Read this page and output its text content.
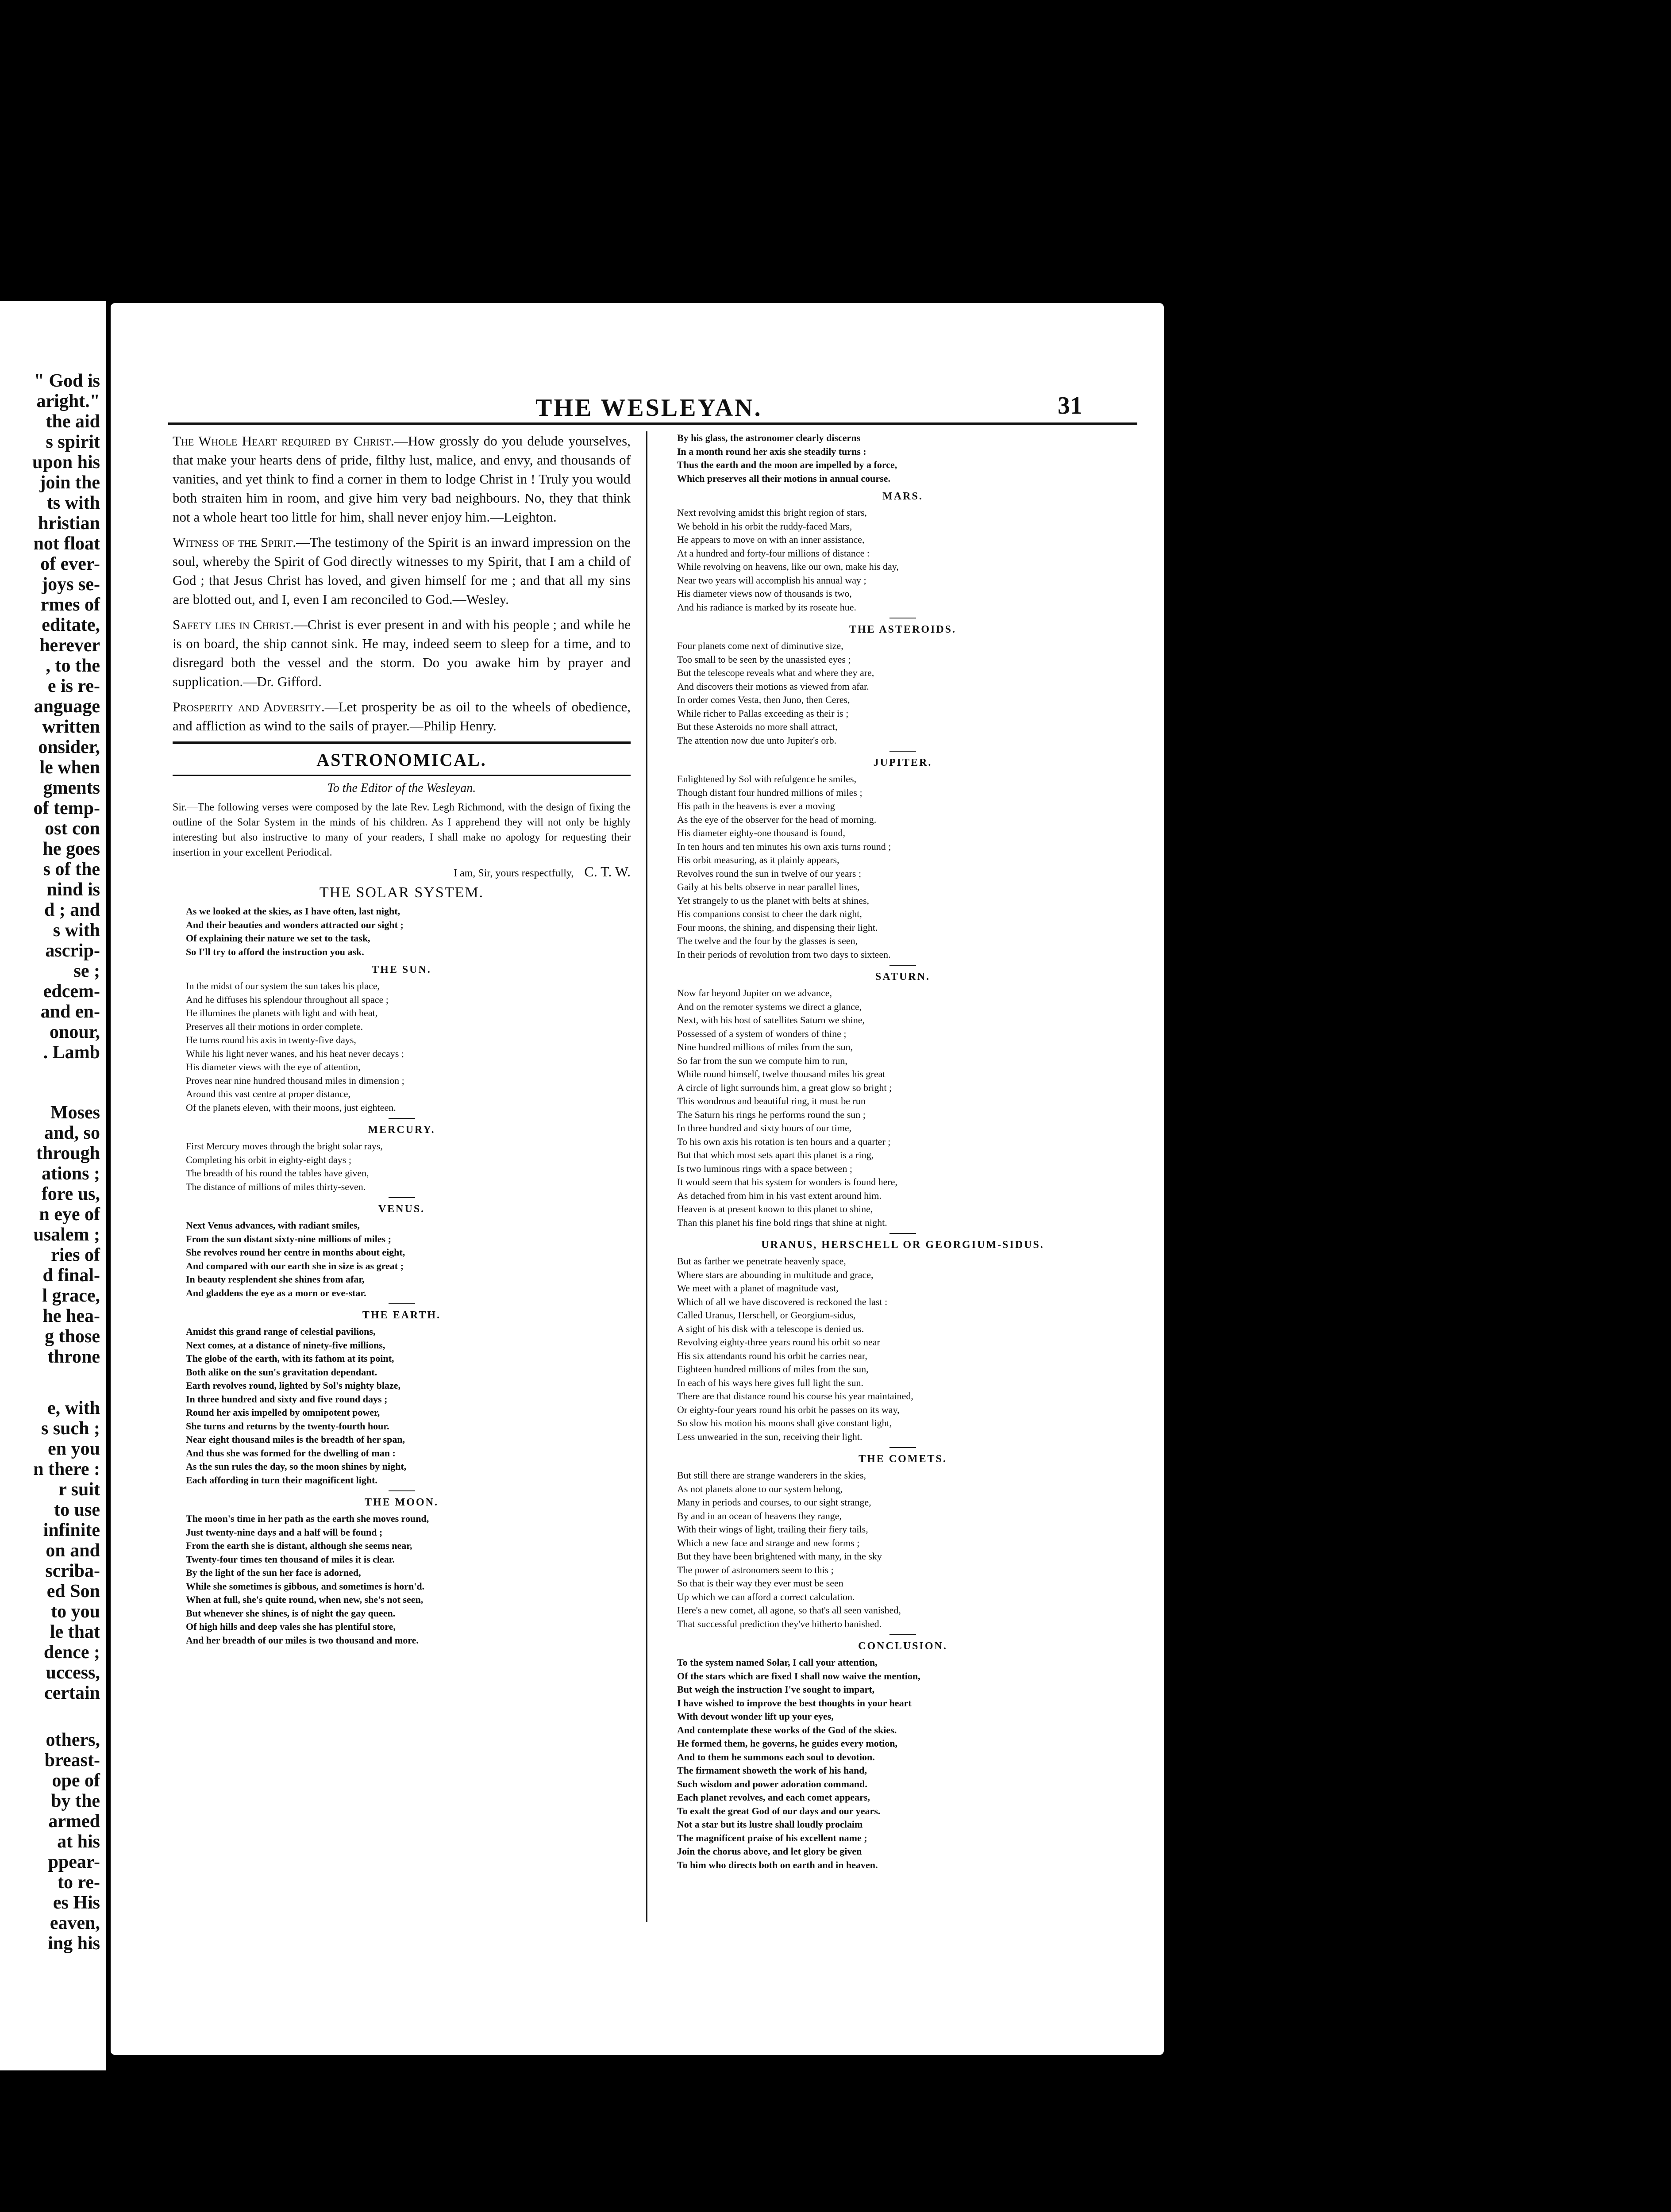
" God is
aright."
the aid
s spirit
upon his
join the
ts with
hristian
not float
of ever-
joys se-
rmes of
editate,
herever
, to the
e is re-
anguage
written
onsider,
le when
gments
of temp-
ost con
he goes
s of the
nind is
d ; and
s with
ascrip-
se ;
edcem-
and en-
onour,
. Lamb
Moses
and, so
through
ations ;
fore us,
n eye of
usalem ;
ries of
d final-
l grace,
he hea-
g those
throne
e, with
s such ;
en you
n there :
r suit
to use
infinite
on and
scriba-
ed Son
to you
le that
dence ;
uccess,
certain
others,
breast-
ope of
by the
armed
at his
ppear-
to re-
es His
eaven,
ing his
THE WESLEYAN.	31

The Whole Heart required by Christ.—How grossly do you delude yourselves, that make your hearts dens of pride, filthy lust, malice, and envy, and thousands of vanities, and yet think to find a corner in them to lodge Christ in ! Truly you would both straiten him in room, and give him very bad neighbours. No, they that think not a whole heart too little for him, shall never enjoy him.—Leighton.

Witness of the Spirit.—The testimony of the Spirit is an inward impression on the soul, whereby the Spirit of God directly witnesses to my Spirit, that I am a child of God ; that Jesus Christ has loved, and given himself for me ; and that all my sins are blotted out, and I, even I am reconciled to God.—Wesley.

Safety lies in Christ.—Christ is ever present in and with his people ; and while he is on board, the ship cannot sink. He may, indeed seem to sleep for a time, and to disregard both the vessel and the storm. Do you awake him by prayer and supplication.—Dr. Gifford.

Prosperity and Adversity.—Let prosperity be as oil to the wheels of obedience, and affliction as wind to the sails of prayer.—Philip Henry.

ASTRONOMICAL.
To the Editor of the Wesleyan.
Sir.—The following verses were composed by the late Rev. Legh Richmond, with the design of fixing the outline of the Solar System in the minds of his children. As I apprehend they will not only be highly interesting but also instructive to many of your readers, I shall make no apology for requesting their insertion in your excellent Periodical.
I am, Sir, yours respectfully, C. T. W.
THE SOLAR SYSTEM.
As we looked at the skies, as I have often, last night,
And their beauties and wonders attracted our sight ;
Of explaining their nature we set to the task,
So I'll try to afford the instruction you ask.
THE SUN.
In the midst of our system the sun takes his place,
And he diffuses his splendour throughout all space ;
He illumines the planets with light and with heat,
Preserves all their motions in order complete.
He turns round his axis in twenty-five days,
While his light never wanes, and his heat never decays ;
His diameter views with the eye of attention,
Proves near nine hundred thousand miles in dimension ;
Around this vast centre at proper distance,
Of the planets eleven, with their moons, just eighteen.
MERCURY.
First Mercury moves through the bright solar rays,
Completing his orbit in eighty-eight days ;
The breadth of his round the tables have given,
The distance of millions of miles thirty-seven.
VENUS.
Next Venus advances, with radiant smiles,
From the sun distant sixty-nine millions of miles ;
She revolves round her centre in months about eight,
And compared with our earth she in size is as great ;
In beauty resplendent she shines from afar,
And gladdens the eye as a morn or eve-star.
THE EARTH.
Amidst this grand range of celestial pavilions,
Next comes, at a distance of ninety-five millions,
The globe of the earth, with its fathom at its point,
Both alike on the sun's gravitation dependant.
Earth revolves round, lighted by Sol's mighty blaze,
In three hundred and sixty and five round days ;
Round her axis impelled by omnipotent power,
She turns and returns by the twenty-fourth hour.
Near eight thousand miles is the breadth of her span,
And thus she was formed for the dwelling of man :
As the sun rules the day, so the moon shines by night,
Each affording in turn their magnificent light.
THE MOON.
The moon's time in her path as the earth she moves round,
Just twenty-nine days and a half will be found ;
From the earth she is distant, although she seems near,
Twenty-four times ten thousand of miles it is clear.
By the light of the sun her face is adorned,
While she sometimes is gibbous, and sometimes is horn'd.
When at full, she's quite round, when new, she's not seen,
But whenever she shines, is of night the gay queen.
Of high hills and deep vales she has plentiful store,
And her breadth of our miles is two thousand and more.
By his glass, the astronomer clearly discerns
In a month round her axis she steadily turns :
Thus the earth and the moon are impelled by a force,
Which preserves all their motions in annual course.
MARS.
Next revolving amidst this bright region of stars,
We behold in his orbit the ruddy-faced Mars,
He appears to move on with an inner assistance,
At a hundred and forty-four millions of distance :
While revolving on heavens, like our own, make his day,
Near two years will accomplish his annual way ;
His diameter views now of thousands is two,
And his radiance is marked by its roseate hue.
THE ASTEROIDS.
Four planets come next of diminutive size,
Too small to be seen by the unassisted eyes ;
But the telescope reveals what and where they are,
And discovers their motions as viewed from afar.
In order comes Vesta, then Juno, then Ceres,
While richer to Pallas exceeding as their is ;
But these Asteroids no more shall attract,
The attention now due unto Jupiter's orb.
JUPITER.
Enlightened by Sol with refulgence he smiles,
Though distant four hundred millions of miles ;
His path in the heavens is ever a moving
As the eye of the observer for the head of morning.
His diameter eighty-one thousand is found,
In ten hours and ten minutes his own axis turns round ;
His orbit measuring, as it plainly appears,
Revolves round the sun in twelve of our years ;
Gaily at his belts observe in near parallel lines,
Yet strangely to us the planet with belts at shines,
His companions consist to cheer the dark night,
Four moons, the shining, and dispensing their light.
The twelve and the four by the glasses is seen,
In their periods of revolution from two days to sixteen.
SATURN.
Now far beyond Jupiter on we advance,
And on the remoter systems we direct a glance,
Next, with his host of satellites Saturn we shine,
Possessed of a system of wonders of thine ;
Nine hundred millions of miles from the sun,
So far from the sun we compute him to run,
While round himself, twelve thousand miles his great
A circle of light surrounds him, a great glow so bright ;
This wondrous and beautiful ring, it must be run
The Saturn his rings he performs round the sun ;
In three hundred and sixty hours of our time,
To his own axis his rotation is ten hours and a quarter ;
But that which most sets apart this planet is a ring,
Is two luminous rings with a space between ;
It would seem that his system for wonders is found here,
As detached from him in his vast extent around him.
Heaven is at present known to this planet to shine,
Than this planet his fine bold rings that shine at night.
URANUS, HERSCHELL OR GEORGIUM-SIDUS.
But as farther we penetrate heavenly space,
Where stars are abounding in multitude and grace,
We meet with a planet of magnitude vast,
Which of all we have discovered is reckoned the last :
Called Uranus, Herschell, or Georgium-sidus,
A sight of his disk with a telescope is denied us.
Revolving eighty-three years round his orbit so near
His six attendants round his orbit he carries near,
Eighteen hundred millions of miles from the sun,
In each of his ways here gives full light the sun.
There are that distance round his course his year maintained,
Or eighty-four years round his orbit he passes on its way,
So slow his motion his moons shall give constant light,
Less unwearied in the sun, receiving their light.
THE COMETS.
But still there are strange wanderers in the skies,
As not planets alone to our system belong,
Many in periods and courses, to our sight strange,
By and in an ocean of heavens they range,
With their wings of light, trailing their fiery tails,
Which a new face and strange and new forms ;
But they have been brightened with many, in the sky
The power of astronomers seem to this ;
So that is their way they ever must be seen
Up which we can afford a correct calculation.
Here's a new comet, all agone, so that's all seen vanished,
That successful prediction they've hitherto banished.
CONCLUSION.
To the system named Solar, I call your attention,
Of the stars which are fixed I shall now waive the mention,
But weigh the instruction I've sought to impart,
I have wished to improve the best thoughts in your heart
With devout wonder lift up your eyes,
And contemplate these works of the God of the skies.
He formed them, he governs, he guides every motion,
And to them he summons each soul to devotion.
The firmament showeth the work of his hand,
Such wisdom and power adoration command.
Each planet revolves, and each comet appears,
To exalt the great God of our days and our years.
Not a star but its lustre shall loudly proclaim
The magnificent praise of his excellent name ;
Join the chorus above, and let glory be given
To him who directs both on earth and in heaven.
